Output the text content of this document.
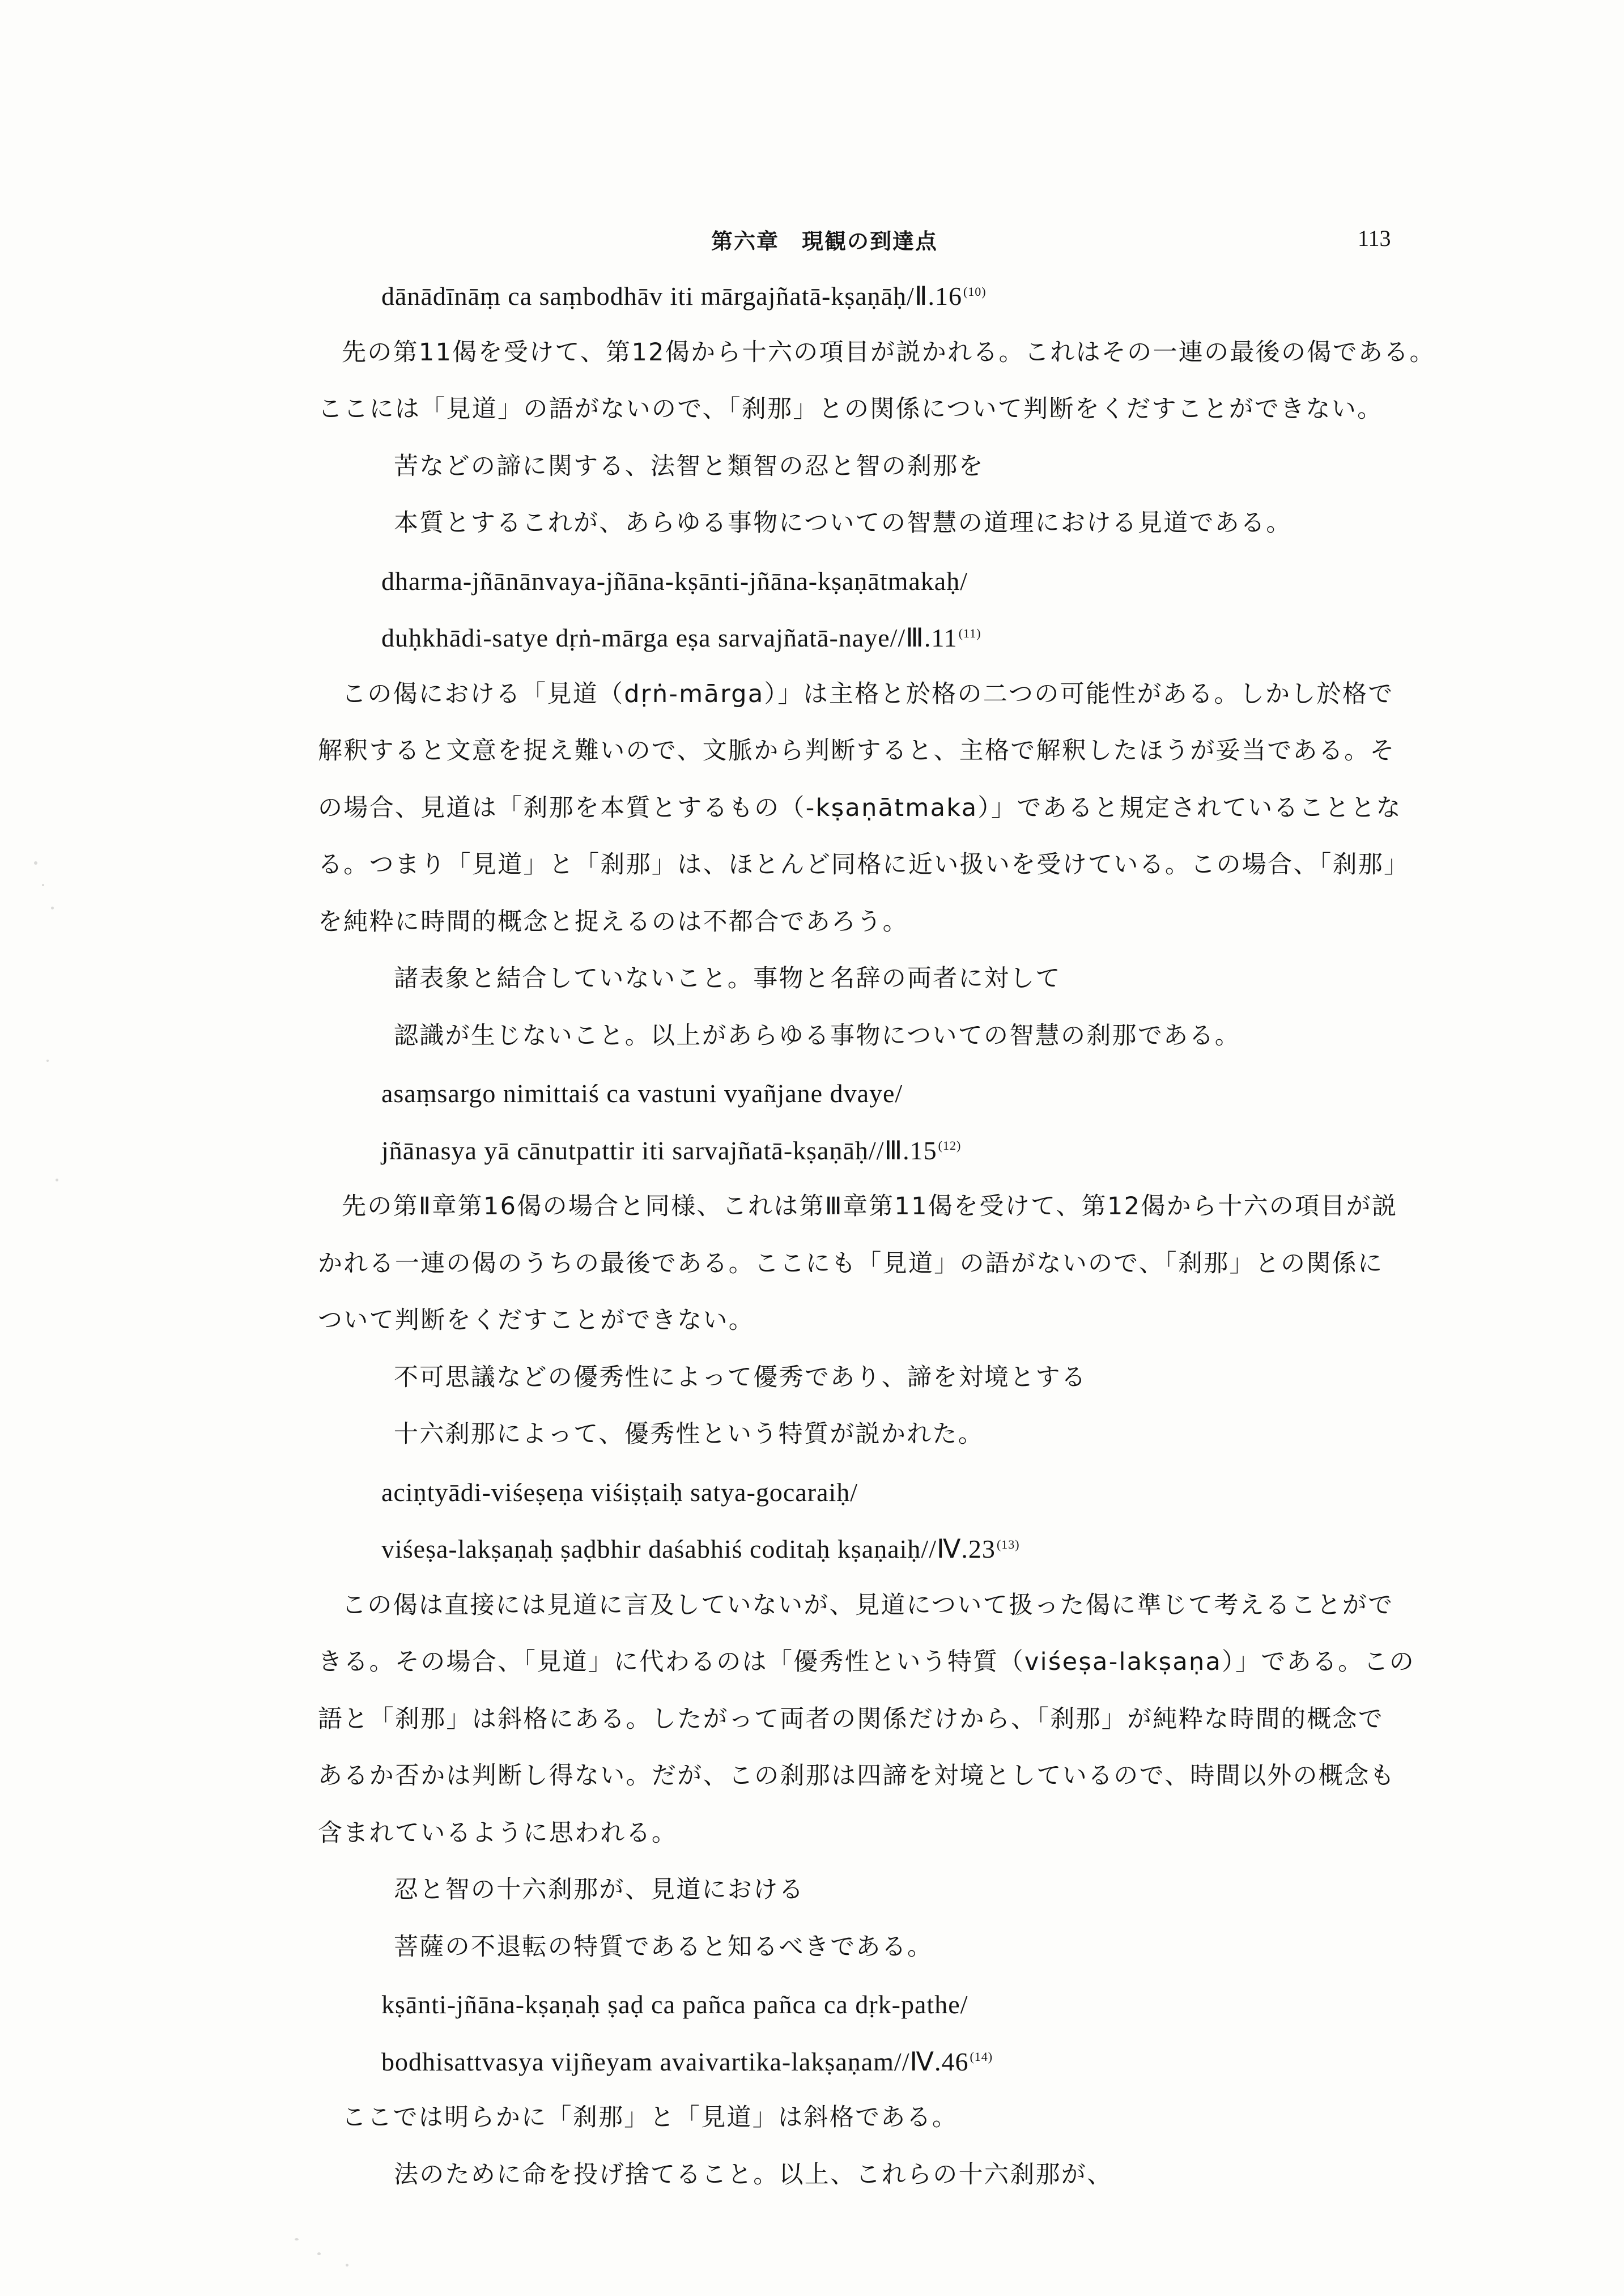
第六章　現観の到達点	113
dānādīnāṃ ca saṃbodhāv iti mārgajñatā-kṣaṇāḥ/Ⅱ.16$^{(10)}$
先の第11偈を受けて、第12偈から十六の項目が説かれる。これはその一連の最後の偈である。
ここには「見道」の語がないので、「刹那」との関係について判断をくだすことができない。
苦などの諦に関する、法智と類智の忍と智の刹那を
本質とするこれが、あらゆる事物についての智慧の道理における見道である。
dharma-jñānānvaya-jñāna-kṣānti-jñāna-kṣaṇātmakaḥ/
duḥkhādi-satye dṛṅ-mārga eṣa sarvajñatā-naye//Ⅲ.11$^{(11)}$
この偈における「見道（dṛṅ-mārga）」は主格と於格の二つの可能性がある。しかし於格で
解釈すると文意を捉え難いので、文脈から判断すると、主格で解釈したほうが妥当である。そ
の場合、見道は「刹那を本質とするもの（-kṣaṇātmaka）」であると規定されていることとな
る。つまり「見道」と「刹那」は、ほとんど同格に近い扱いを受けている。この場合、「刹那」
を純粋に時間的概念と捉えるのは不都合であろう。
諸表象と結合していないこと。事物と名辞の両者に対して
認識が生じないこと。以上があらゆる事物についての智慧の刹那である。
asaṃsargo nimittaiś ca vastuni vyañjane dvaye/
jñānasya yā cānutpattir iti sarvajñatā-kṣaṇāḥ//Ⅲ.15$^{(12)}$
先の第Ⅱ章第16偈の場合と同様、これは第Ⅲ章第11偈を受けて、第12偈から十六の項目が説
かれる一連の偈のうちの最後である。ここにも「見道」の語がないので、「刹那」との関係に
ついて判断をくだすことができない。
不可思議などの優秀性によって優秀であり、諦を対境とする
十六刹那によって、優秀性という特質が説かれた。
aciṇtyādi-viśeṣeṇa viśiṣṭaiḥ satya-gocaraiḥ/
viśeṣa-lakṣaṇaḥ ṣaḍbhir daśabhiś coditaḥ kṣaṇaiḥ//Ⅳ.23$^{(13)}$
この偈は直接には見道に言及していないが、見道について扱った偈に準じて考えることがで
きる。その場合、「見道」に代わるのは「優秀性という特質（viśeṣa-lakṣaṇa）」である。この
語と「刹那」は斜格にある。したがって両者の関係だけから、「刹那」が純粋な時間的概念で
あるか否かは判断し得ない。だが、この刹那は四諦を対境としているので、時間以外の概念も
含まれているように思われる。
忍と智の十六刹那が、見道における
菩薩の不退転の特質であると知るべきである。
kṣānti-jñāna-kṣaṇaḥ ṣaḍ ca pañca pañca ca dṛk-pathe/
bodhisattvasya vijñeyam avaivartika-lakṣaṇam//Ⅳ.46$^{(14)}$
ここでは明らかに「刹那」と「見道」は斜格である。
法のために命を投げ捨てること。以上、これらの十六刹那が、
